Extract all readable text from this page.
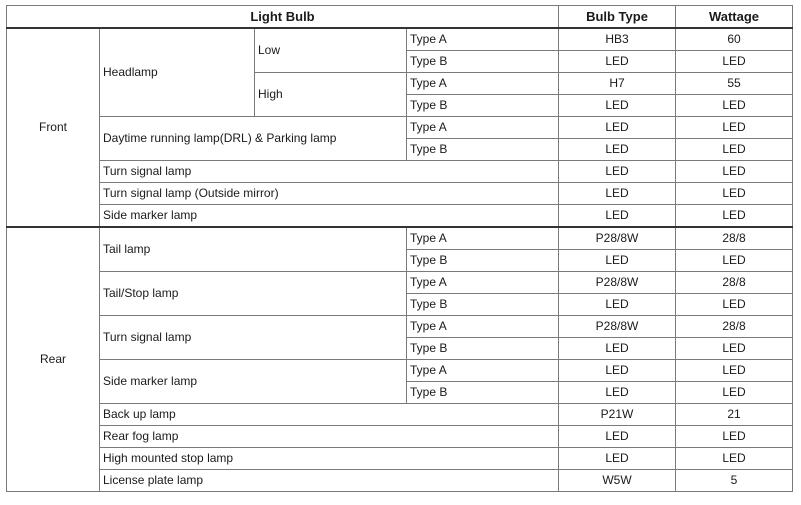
Light Bulb				Bulb Type	Wattage
Front	Headlamp	Low	Type A	HB3	60
			Type B	LED	LED
		High	Type A	H7	55
			Type B	LED	LED
	Daytime running lamp(DRL) & Parking lamp		Type A	LED	LED
			Type B	LED	LED
	Turn signal lamp			LED	LED
	Turn signal lamp (Outside mirror)			LED	LED
	Side marker lamp			LED	LED
Rear	Tail lamp		Type A	P28/8W	28/8
			Type B	LED	LED
	Tail/Stop lamp		Type A	P28/8W	28/8
			Type B	LED	LED
	Turn signal lamp		Type A	P28/8W	28/8
			Type B	LED	LED
	Side marker lamp		Type A	LED	LED
			Type B	LED	LED
	Back up lamp			P21W	21
	Rear fog lamp			LED	LED
	High mounted stop lamp			LED	LED
	License plate lamp			W5W	5
